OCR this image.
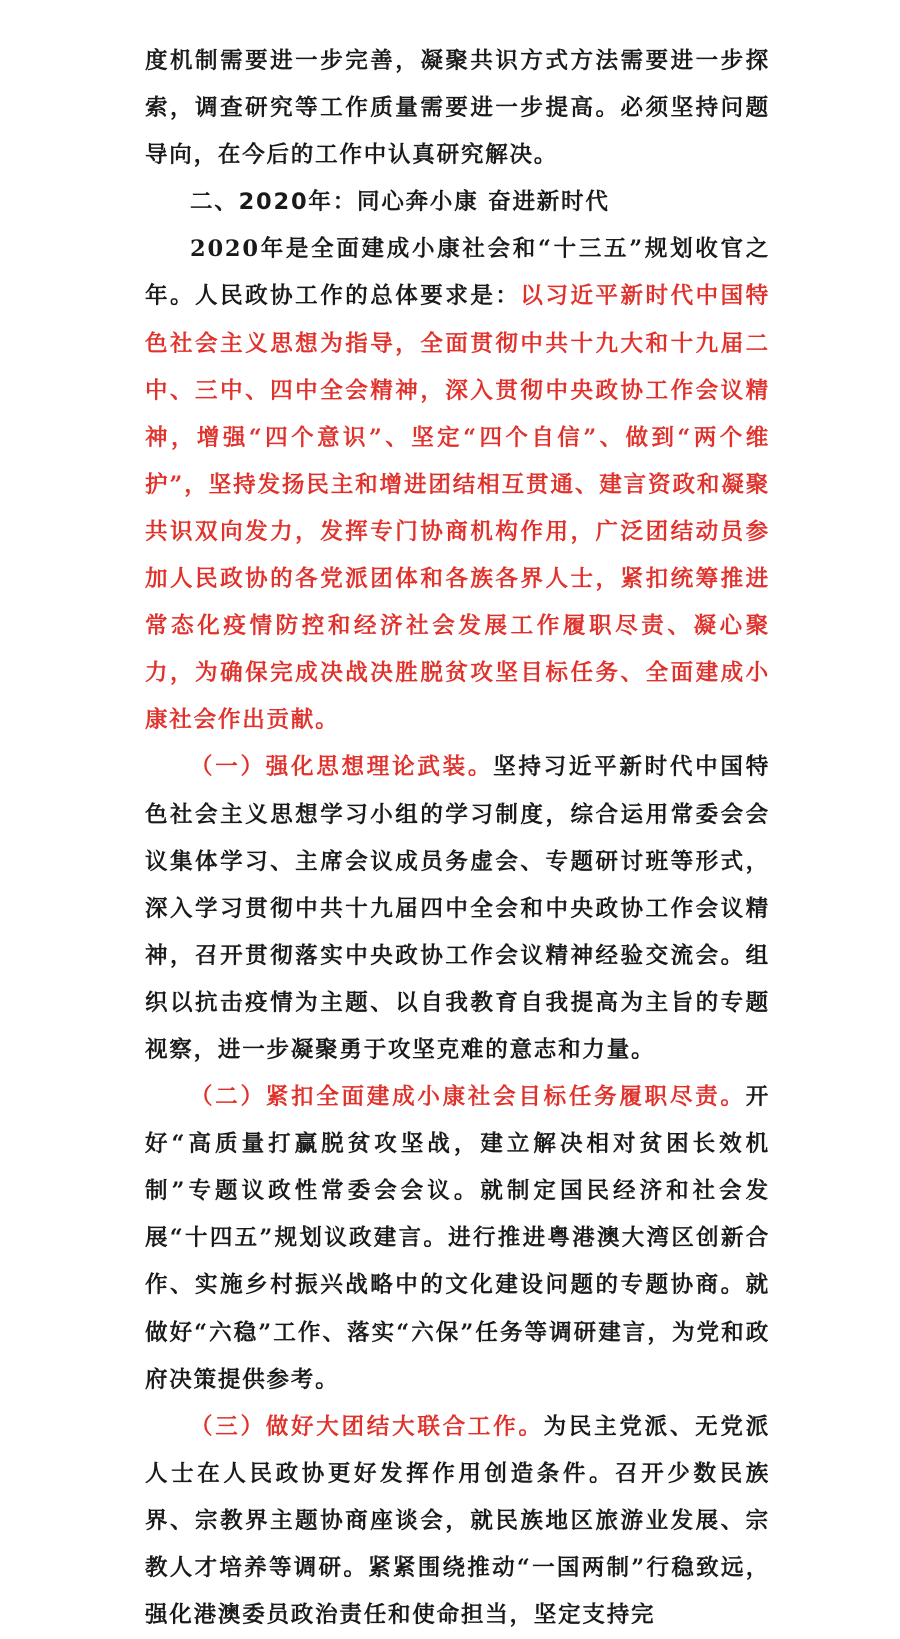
度机制需要进一步完善，凝聚共识方式方法需要进一步探索，调查研究等工作质量需要进一步提高。必须坚持问题导向，在今后的工作中认真研究解决。

二、2020年：同心奔小康 奋进新时代

2020年是全面建成小康社会和“十三五”规划收官之年。人民政协工作的总体要求是：以习近平新时代中国特色社会主义思想为指导，全面贯彻中共十九大和十九届二中、三中、四中全会精神，深入贯彻中央政协工作会议精神，增强“四个意识”、坚定“四个自信”、做到“两个维护”，坚持发扬民主和增进团结相互贯通、建言资政和凝聚共识双向发力，发挥专门协商机构作用，广泛团结动员参加人民政协的各党派团体和各族各界人士，紧扣统筹推进常态化疫情防控和经济社会发展工作履职尽责、凝心聚力，为确保完成决战决胜脱贫攻坚目标任务、全面建成小康社会作出贡献。

（一）强化思想理论武装。坚持习近平新时代中国特色社会主义思想学习小组的学习制度，综合运用常委会会议集体学习、主席会议成员务虚会、专题研讨班等形式，深入学习贯彻中共十九届四中全会和中央政协工作会议精神，召开贯彻落实中央政协工作会议精神经验交流会。组织以抗击疫情为主题、以自我教育自我提高为主旨的专题视察，进一步凝聚勇于攻坚克难的意志和力量。

（二）紧扣全面建成小康社会目标任务履职尽责。开好“高质量打赢脱贫攻坚战，建立解决相对贫困长效机制”专题议政性常委会会议。就制定国民经济和社会发展“十四五”规划议政建言。进行推进粤港澳大湾区创新合作、实施乡村振兴战略中的文化建设问题的专题协商。就做好“六稳”工作、落实“六保”任务等调研建言，为党和政府决策提供参考。

（三）做好大团结大联合工作。为民主党派、无党派人士在人民政协更好发挥作用创造条件。召开少数民族界、宗教界主题协商座谈会，就民族地区旅游业发展、宗教人才培养等调研。紧紧围绕推动“一国两制”行稳致远，强化港澳委员政治责任和使命担当，坚定支持完
